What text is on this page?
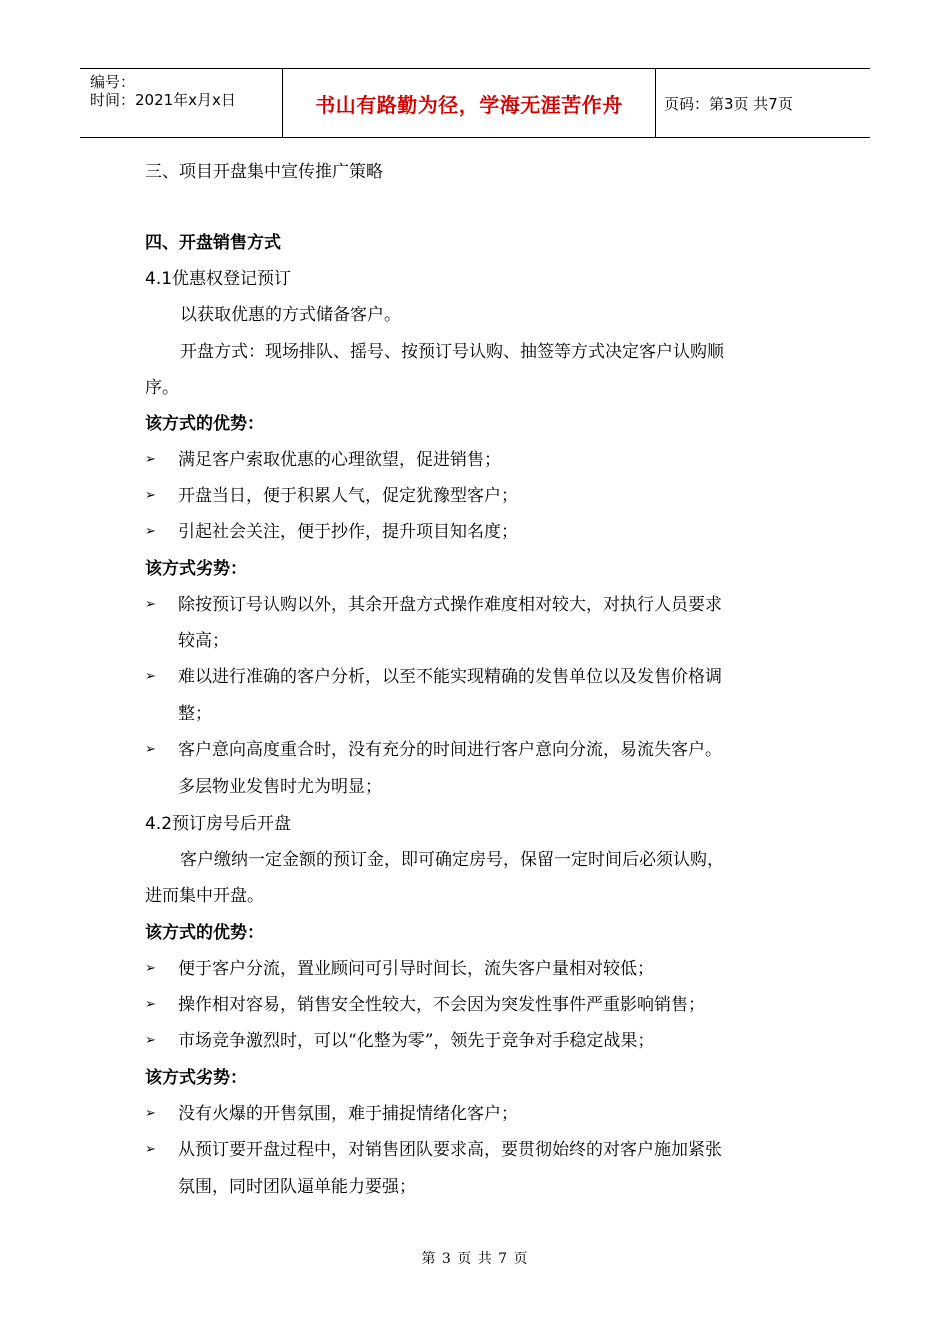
编号：
时间：2021年x月x日	书山有路勤为径，学海无涯苦作舟	页码：第3页 共7页
三、项目开盘集中宣传推广策略
四、开盘销售方式
4.1优惠权登记预订
以获取优惠的方式储备客户。
开盘方式：现场排队、摇号、按预订号认购、抽签等方式决定客户认购顺
序。
该方式的优势：
➢ 满足客户索取优惠的心理欲望，促进销售；
➢ 开盘当日，便于积累人气，促定犹豫型客户；
➢ 引起社会关注，便于抄作，提升项目知名度；
该方式劣势：
➢ 除按预订号认购以外，其余开盘方式操作难度相对较大，对执行人员要求
较高；
➢ 难以进行准确的客户分析，以至不能实现精确的发售单位以及发售价格调
整；
➢ 客户意向高度重合时，没有充分的时间进行客户意向分流，易流失客户。
多层物业发售时尤为明显；
4.2预订房号后开盘
客户缴纳一定金额的预订金，即可确定房号，保留一定时间后必须认购，
进而集中开盘。
该方式的优势：
➢ 便于客户分流，置业顾问可引导时间长，流失客户量相对较低；
➢ 操作相对容易，销售安全性较大，不会因为突发性事件严重影响销售；
➢ 市场竞争激烈时，可以“化整为零”，领先于竞争对手稳定战果；
该方式劣势：
➢ 没有火爆的开售氛围，难于捕捉情绪化客户；
➢ 从预订要开盘过程中，对销售团队要求高，要贯彻始终的对客户施加紧张
氛围，同时团队逼单能力要强；
第 3 页 共 7 页
